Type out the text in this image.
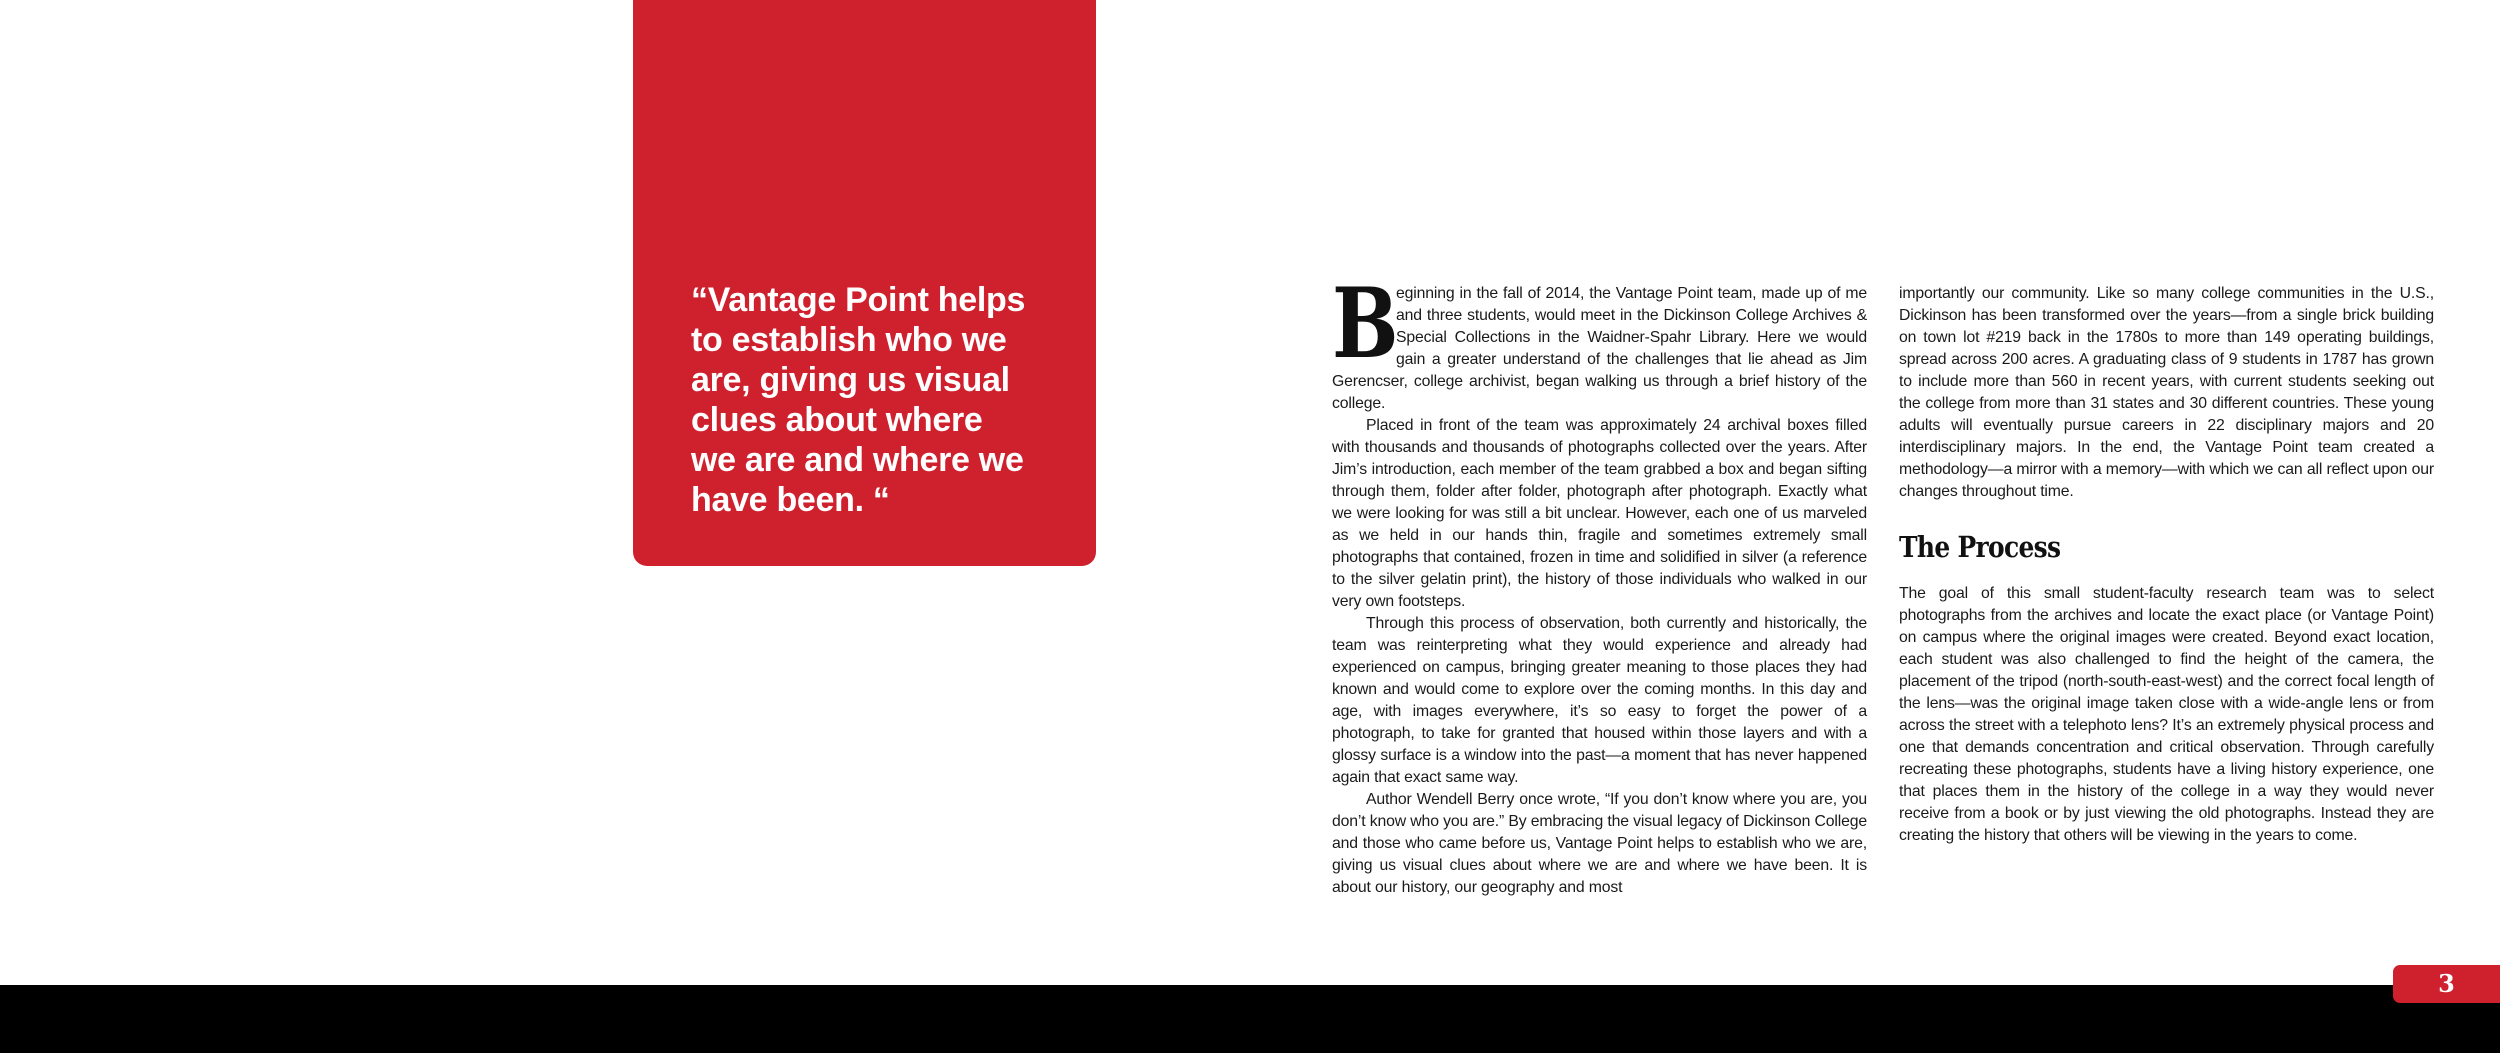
“Vantage Point helps
to establish who we
are, giving us visual
clues about where
we are and where we
have been. “

B
eginning in the fall of 2014, the Vantage Point team, made up of me and three students, would meet in the Dickinson College Archives & Special Collections in the Waidner-Spahr Library. Here we would gain a greater understand of the challenges that lie ahead as Jim Gerencser, college archivist, began walking us through a brief history of the college.

Placed in front of the team was approximately 24 archival boxes filled with thousands and thousands of photographs collected over the years. After Jim’s introduction, each member of the team grabbed a box and began sifting through them, folder after folder, photograph after photograph. Exactly what we were looking for was still a bit unclear. However, each one of us marveled as we held in our hands thin, fragile and sometimes extremely small photographs that contained, frozen in time and solidified in silver (a reference to the silver gelatin print), the history of those individuals who walked in our very own footsteps.

Through this process of observation, both currently and historically, the team was reinterpreting what they would experience and already had experienced on campus, bringing greater meaning to those places they had known and would come to explore over the coming months. In this day and age, with images everywhere, it’s so easy to forget the power of a photograph, to take for granted that housed within those layers and with a glossy surface is a window into the past—a moment that has never happened again that exact same way.

Author Wendell Berry once wrote, “If you don’t know where you are, you don’t know who you are.” By embracing the visual legacy of Dickinson College and those who came before us, Vantage Point helps to establish who we are, giving us visual clues about where we are and where we have been. It is about our history, our geography and most

importantly our community. Like so many college communities in the U.S., Dickinson has been transformed over the years—from a single brick building on town lot #219 back in the 1780s to more than 149 operating buildings, spread across 200 acres. A graduating class of 9 students in 1787 has grown to include more than 560 in recent years, with current students seeking out the college from more than 31 states and 30 different countries. These young adults will eventually pursue careers in 22 disciplinary majors and 20 interdisciplinary majors. In the end, the Vantage Point team created a methodology—a mirror with a memory—with which we can all reflect upon our changes throughout time.

The Process

The goal of this small student-faculty research team was to select photographs from the archives and locate the exact place (or Vantage Point) on campus where the original images were created. Beyond exact location, each student was also challenged to find the height of the camera, the placement of the tripod (north-south-east-west) and the correct focal length of the lens—was the original image taken close with a wide-angle lens or from across the street with a telephoto lens? It’s an extremely physical process and one that demands concentration and critical observation. Through carefully recreating these photographs, students have a living history experience, one that places them in the history of the college in a way they would never receive from a book or by just viewing the old photographs. Instead they are creating the history that others will be viewing in the years to come.

3
